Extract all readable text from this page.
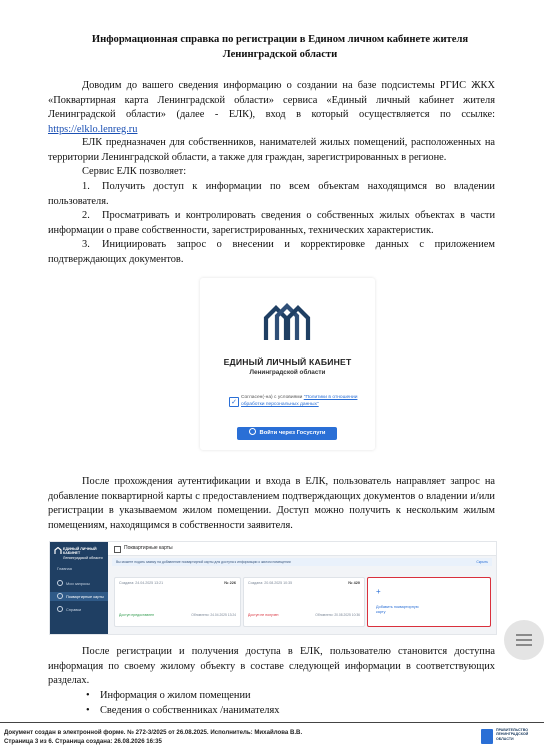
Информационная справка по регистрации в Едином личном кабинете жителя Ленинградской области
Доводим до вашего сведения информацию о создании на базе подсистемы РГИС ЖКХ «Поквартирная карта Ленинградской области» сервиса «Единый личный кабинет жителя Ленинградской области» (далее - ЕЛК), вход в который осуществляется по ссылке: https://elklo.lenreg.ru
ЕЛК предназначен для собственников, нанимателей жилых помещений, расположенных на территории Ленинградской области, а также для граждан, зарегистрированных в регионе.
Сервис ЕЛК позволяет:
1. Получить доступ к информации по всем объектам находящимся во владении пользователя.
2. Просматривать и контролировать сведения о собственных жилых объектах в части информации о праве собственности, зарегистрированных, технических характеристик.
3. Инициировать запрос о внесении и корректировке данных с приложением подтверждающих документов.
ЕДИНЫЙ ЛИЧНЫЙ КАБИНЕТ
Ленинградской области
✓
Согласен(-на) с условиями "Политики в отношении обработки персональных данных"
Войти через Госуслуги
После прохождения аутентификации и входа в ЕЛК, пользователь направляет запрос на добавление поквартирной карты с предоставлением подтверждающих документов о владении и/или регистрации в указываемом жилом помещении. Доступ можно получить к нескольким жилым помещениям, находящимся в собственности заявителя.
ЕДИНЫЙ ЛИЧНЫЙ КАБИНЕТ
Ленинградской области
Главная
Мои запросы
Поквартирные карты
Справки
Поквартирные карты
Вы можете подать заявку на добавление поквартирной карты для доступа к информации о жилом помещении	Скрыть
Создана: 24.04.2025 13:21	№ 226
Доступ предоставлен	Обновлено: 24.04.2025 13:24
Создана: 20.08.2025 10:35	№ 420
Доступ не получен	Обновлено: 20.08.2025 10:36
+
Добавить поквартирную карту
После регистрации и получения доступа в ЕЛК, пользователю становится доступна информация по своему жилому объекту в составе следующей информации в соответствующих разделах.
• Информация о жилом помещении
• Сведения о собственниках /нанимателях
Документ создан в электронной форме. № 272-3/2025 от 26.08.2025. Исполнитель: Михайлова В.В.
Страница 3 из 6. Страница создана: 26.08.2026 16:35
ПРАВИТЕЛЬСТВО ЛЕНИНГРАДСКОЙ ОБЛАСТИ
